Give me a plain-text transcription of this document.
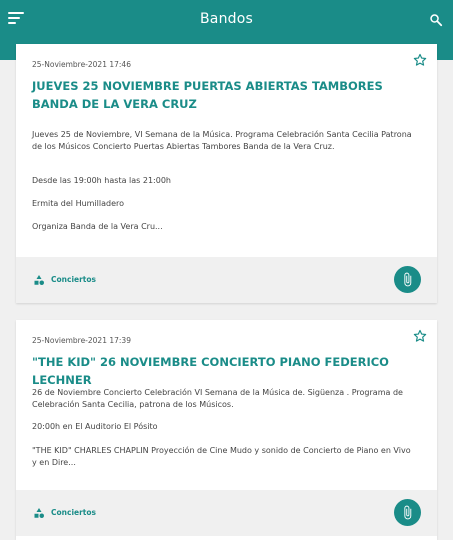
Bandos
25-Noviembre-2021 17:46
JUEVES 25 NOVIEMBRE PUERTAS ABIERTAS TAMBORES BANDA DE LA VERA CRUZ
Jueves 25 de Noviembre, VI Semana de la Música. Programa Celebración Santa Cecilia Patrona de los Músicos Concierto Puertas Abiertas Tambores Banda de la Vera Cruz.
Desde las 19:00h hasta las 21:00h
Ermita del Humilladero
Organiza Banda de la Vera Cru...
Conciertos
25-Noviembre-2021 17:39
"THE KID" 26 NOVIEMBRE CONCIERTO PIANO FEDERICO LECHNER
26 de Noviembre Concierto Celebración VI Semana de la Música de. Sigüenza . Programa de Celebración Santa Cecilia, patrona de los Músicos.
20:00h en El Auditorio El Pósito
"THE KID" CHARLES CHAPLIN Proyección de Cine Mudo y sonido de Concierto de Piano en Vivo y en Dire...
Conciertos
